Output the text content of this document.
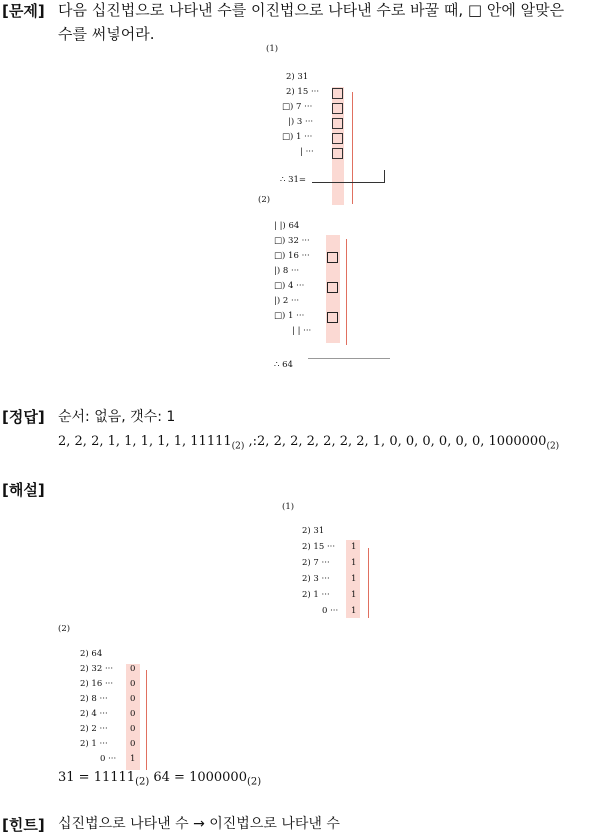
[문제] 다음 십진법으로 나타낸 수를 이진법으로 나타낸 수로 바꿀 때, □ 안에 알맞은
수를 써넣어라.
(1)
2) 31
2) 15 ···
□) 7 ···
|) 3 ···
□) 1 ···
| ···
∴ 31=
(2)
| |) 64
□) 32 ···
□) 16 ···
|) 8 ···
□) 4 ···
|) 2 ···
□) 1 ···
| | ···
∴ 64
[정답] 순서: 없음, 갯수: 1
2, 2, 2, 1, 1, 1, 1, 1, $11111_{(2)}$ ,:2, 2, 2, 2, 2, 2, 2, 1, 0, 0, 0, 0, 0, 0, $1000000_{(2)}$
[해설]
(1)
2) 31
2) 15 ···
2) 7 ···
2) 3 ···
2) 1 ···
0 ···
1
1
1
1
1
(2)
2) 64
2) 32 ···
2) 16 ···
2) 8 ···
2) 4 ···
2) 2 ···
2) 1 ···
0 ···
0
0
0
0
0
0
1
$31 = 11111_{(2)}$ $64 = 1000000_{(2)}$
[힌트] 십진법으로 나타낸 수 → 이진법으로 나타낸 수
